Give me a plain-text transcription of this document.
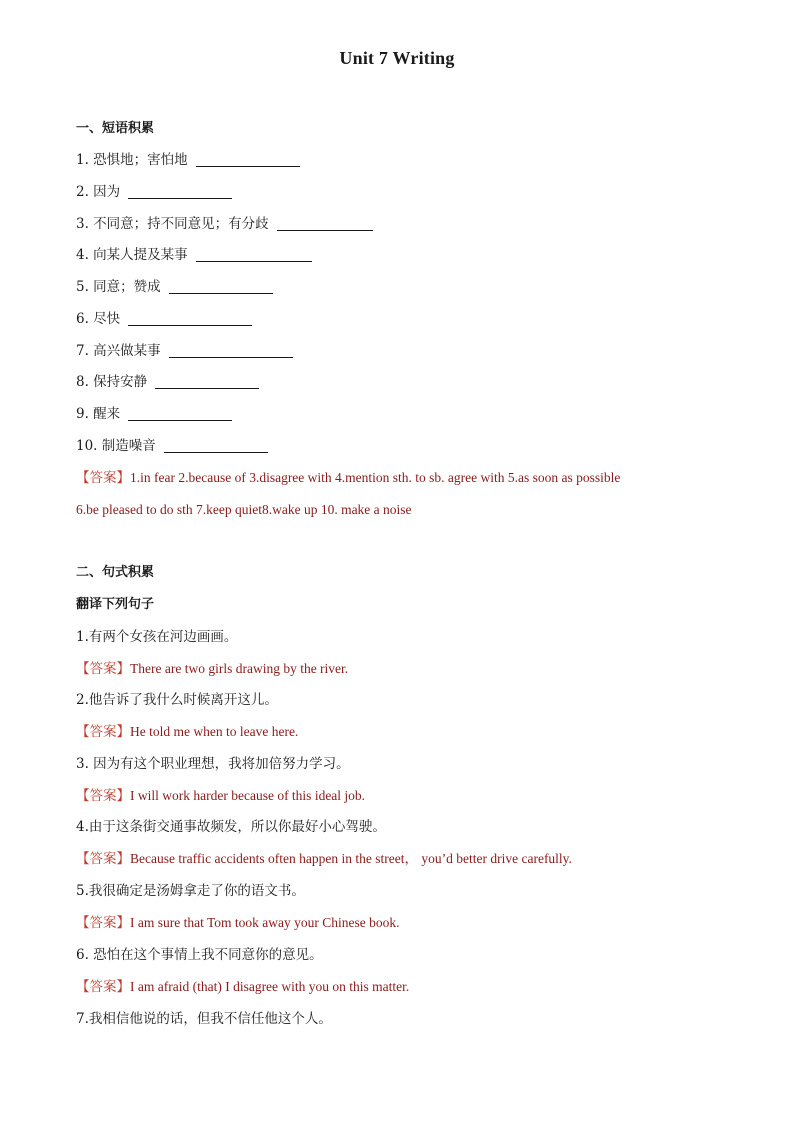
Unit 7 Writing
一、短语积累
1. 恐惧地；害怕地
2. 因为
3. 不同意；持不同意见；有分歧
4. 向某人提及某事
5. 同意；赞成
6. 尽快
7. 高兴做某事
8. 保持安静
9. 醒来
10. 制造噪音
【答案】1.in fear 2.because of 3.disagree with 4.mention sth. to sb. agree with 5.as soon as possible
6.be pleased to do sth 7.keep quiet8.wake up 10. make a noise
二、句式积累
翻译下列句子
1.有两个女孩在河边画画。
【答案】There are two girls drawing by the river.
2.他告诉了我什么时候离开这儿。
【答案】He told me when to leave here.
3. 因为有这个职业理想，我将加倍努力学习。
【答案】I will work harder because of this ideal job.
4.由于这条街交通事故频发，所以你最好小心驾驶。
【答案】Because traffic accidents often happen in the street， you’d better drive carefully.
5.我很确定是汤姆拿走了你的语文书。
【答案】I am sure that Tom took away your Chinese book.
6. 恐怕在这个事情上我不同意你的意见。
【答案】I am afraid (that) I disagree with you on this matter.
7.我相信他说的话，但我不信任他这个人。
